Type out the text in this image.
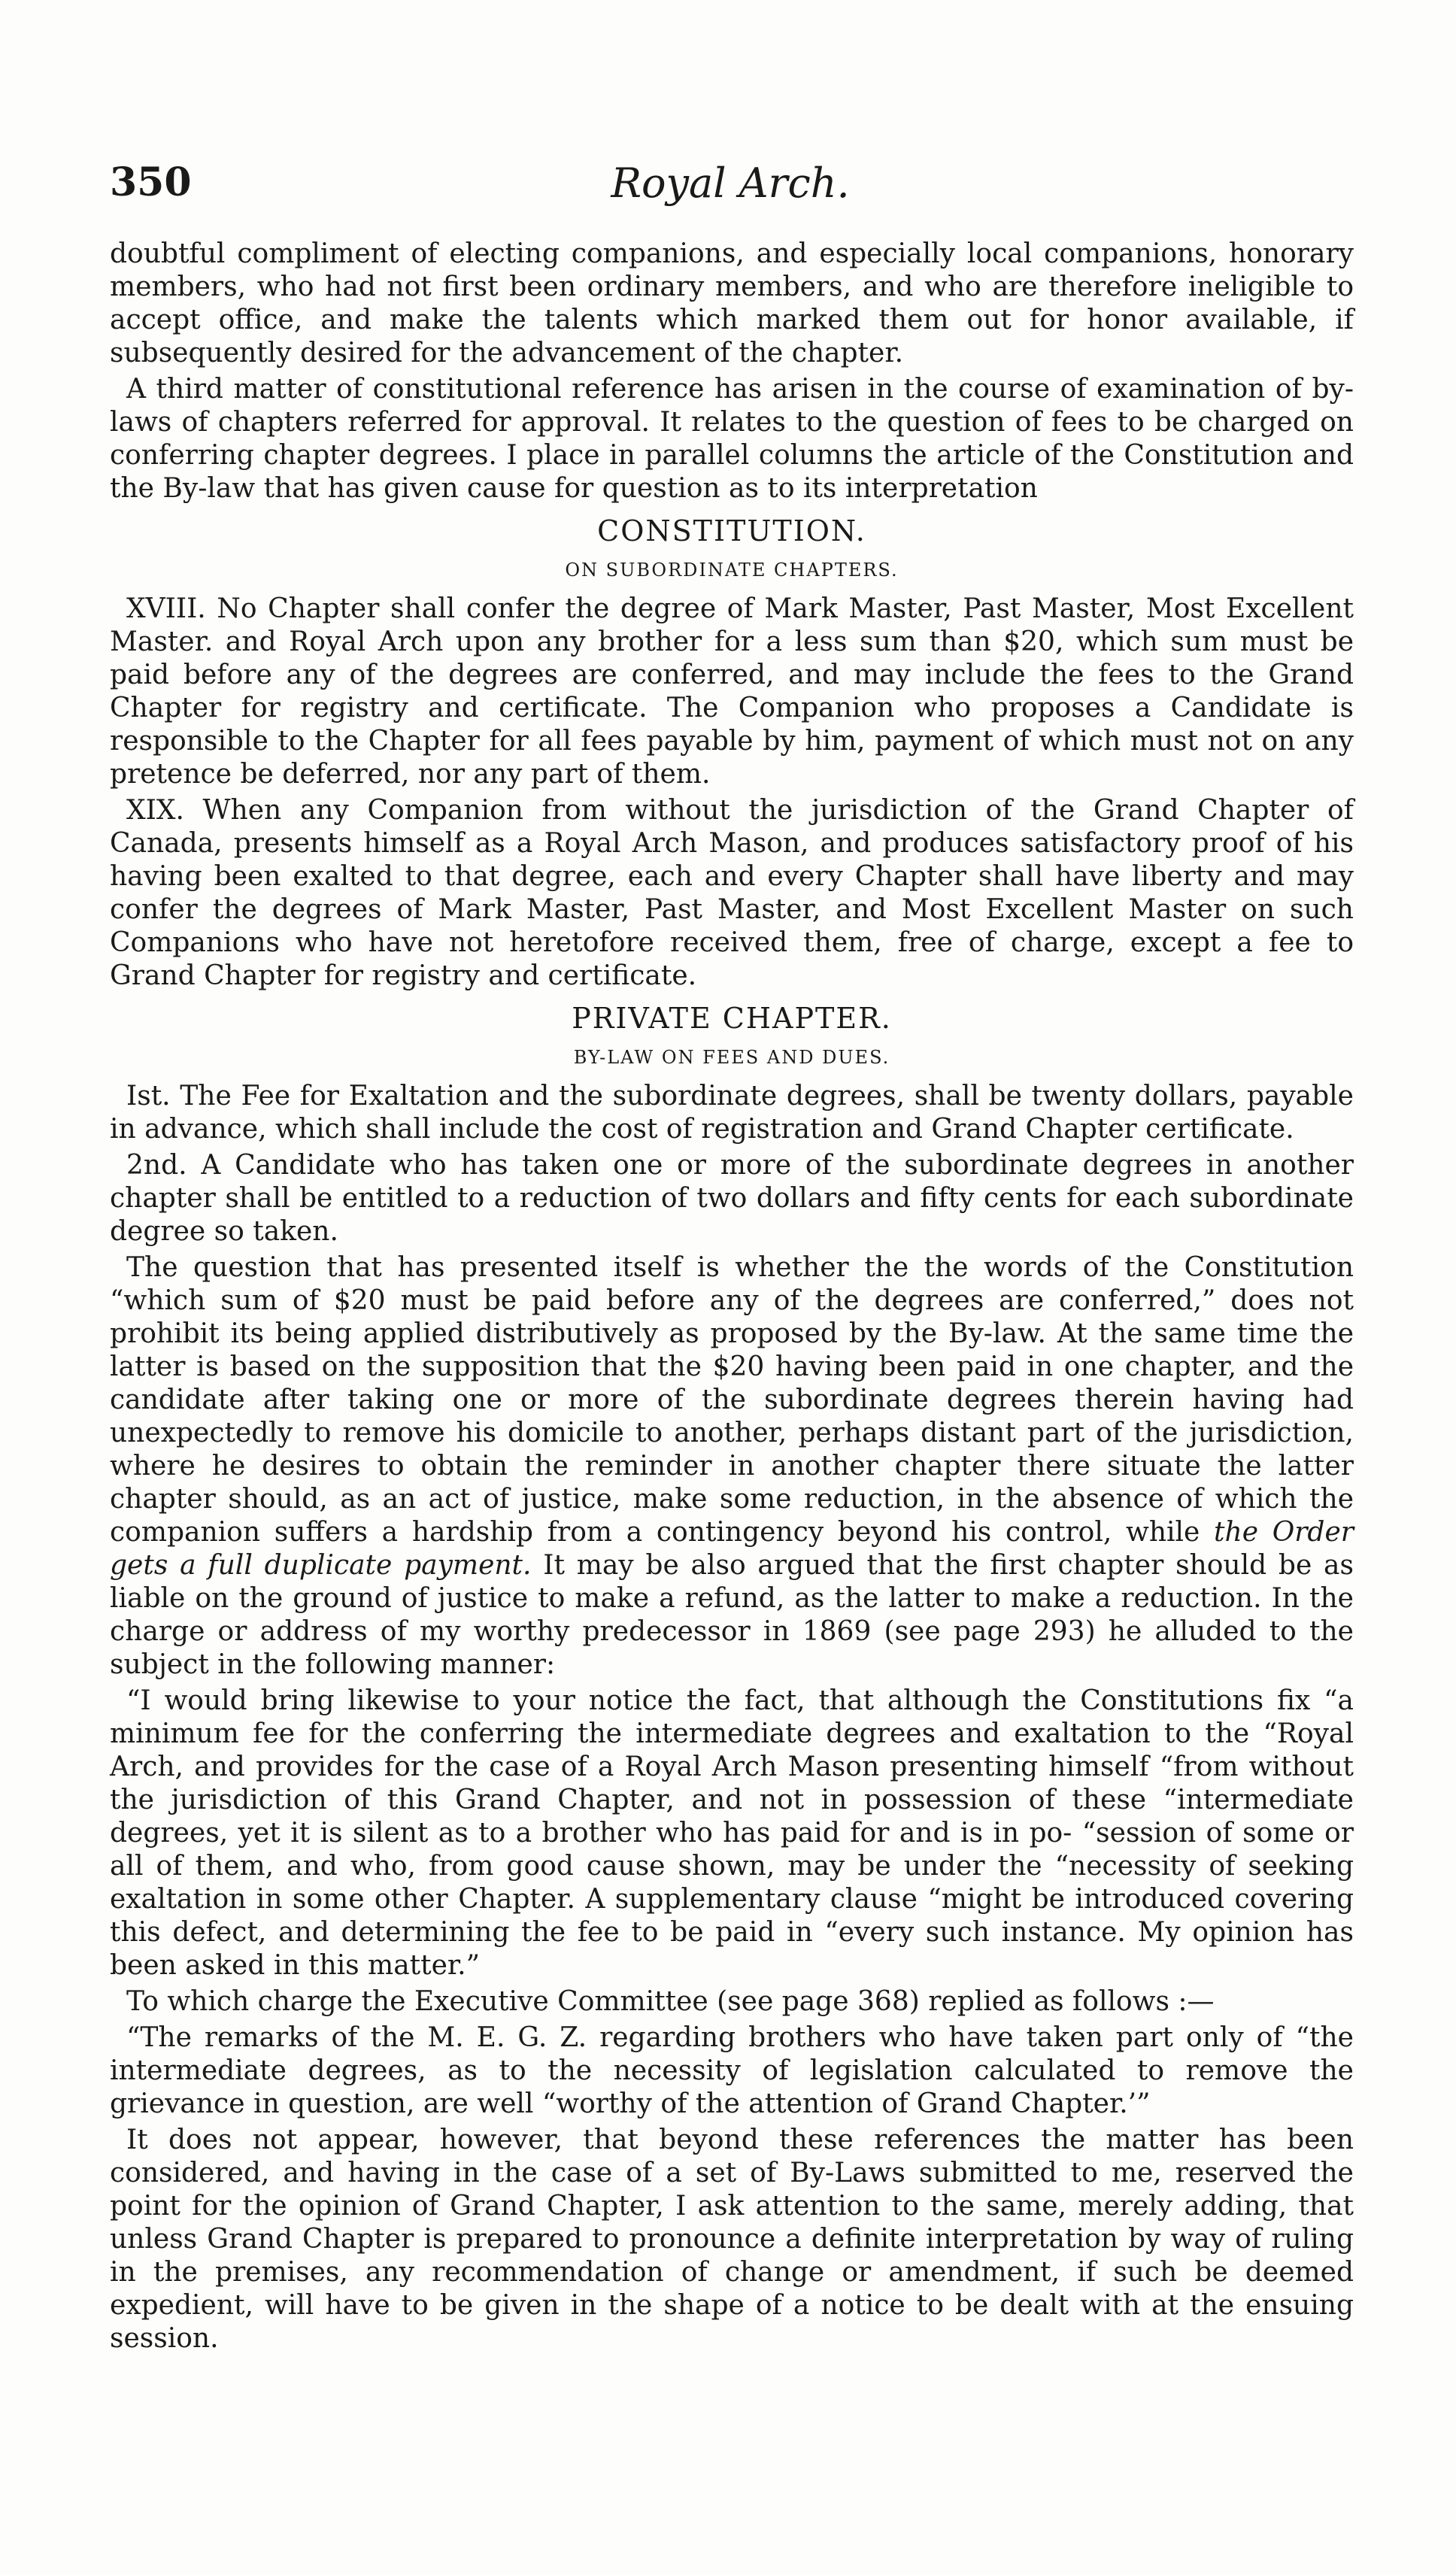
350	Royal Arch.

doubtful compliment of electing companions, and especially local companions, honorary members, who had not first been ordinary members, and who are therefore ineligible to accept office, and make the talents which marked them out for honor available, if subsequently desired for the advancement of the chapter.

A third matter of constitutional reference has arisen in the course of examination of by-laws of chapters referred for approval. It relates to the question of fees to be charged on conferring chapter degrees. I place in parallel columns the article of the Constitution and the By-law that has given cause for question as to its interpretation

CONSTITUTION.

ON SUBORDINATE CHAPTERS.

XVIII. No Chapter shall confer the degree of Mark Master, Past Master, Most Excellent Master. and Royal Arch upon any brother for a less sum than $20, which sum must be paid before any of the degrees are conferred, and may include the fees to the Grand Chapter for registry and certificate. The Companion who proposes a Candidate is responsible to the Chapter for all fees payable by him, payment of which must not on any pretence be deferred, nor any part of them.

XIX. When any Companion from without the jurisdiction of the Grand Chapter of Canada, presents himself as a Royal Arch Mason, and produces satisfactory proof of his having been exalted to that degree, each and every Chapter shall have liberty and may confer the degrees of Mark Master, Past Master, and Most Excellent Master on such Companions who have not heretofore received them, free of charge, except a fee to Grand Chapter for registry and certificate.

PRIVATE CHAPTER.

BY-LAW ON FEES AND DUES.

Ist. The Fee for Exaltation and the subordinate degrees, shall be twenty dollars, payable in advance, which shall include the cost of registration and Grand Chapter certificate.

2nd. A Candidate who has taken one or more of the subordinate degrees in another chapter shall be entitled to a reduction of two dollars and fifty cents for each subordinate degree so taken.

The question that has presented itself is whether the the words of the Constitution “which sum of $20 must be paid before any of the degrees are conferred,” does not prohibit its being applied distributively as proposed by the By-law. At the same time the latter is based on the supposition that the $20 having been paid in one chapter, and the candidate after taking one or more of the subordinate degrees therein having had unexpectedly to remove his domicile to another, perhaps distant part of the jurisdiction, where he desires to obtain the reminder in another chapter there situate the latter chapter should, as an act of justice, make some reduction, in the absence of which the companion suffers a hardship from a contingency beyond his control, while the Order gets a full duplicate payment. It may be also argued that the first chapter should be as liable on the ground of justice to make a refund, as the latter to make a reduction. In the charge or address of my worthy predecessor in 1869 (see page 293) he alluded to the subject in the following manner:

“I would bring likewise to your notice the fact, that although the Constitutions fix “a minimum fee for the conferring the intermediate degrees and exaltation to the “Royal Arch, and provides for the case of a Royal Arch Mason presenting himself “from without the jurisdiction of this Grand Chapter, and not in possession of these “intermediate degrees, yet it is silent as to a brother who has paid for and is in po- “session of some or all of them, and who, from good cause shown, may be under the “necessity of seeking exaltation in some other Chapter. A supplementary clause “might be introduced covering this defect, and determining the fee to be paid in “every such instance. My opinion has been asked in this matter.”

To which charge the Executive Committee (see page 368) replied as follows :—

“The remarks of the M. E. G. Z. regarding brothers who have taken part only of “the intermediate degrees, as to the necessity of legislation calculated to remove the grievance in question, are well “worthy of the attention of Grand Chapter.’”

It does not appear, however, that beyond these references the matter has been considered, and having in the case of a set of By-Laws submitted to me, reserved the point for the opinion of Grand Chapter, I ask attention to the same, merely adding, that unless Grand Chapter is prepared to pronounce a definite interpretation by way of ruling in the premises, any recommendation of change or amendment, if such be deemed expedient, will have to be given in the shape of a notice to be dealt with at the ensuing session.
